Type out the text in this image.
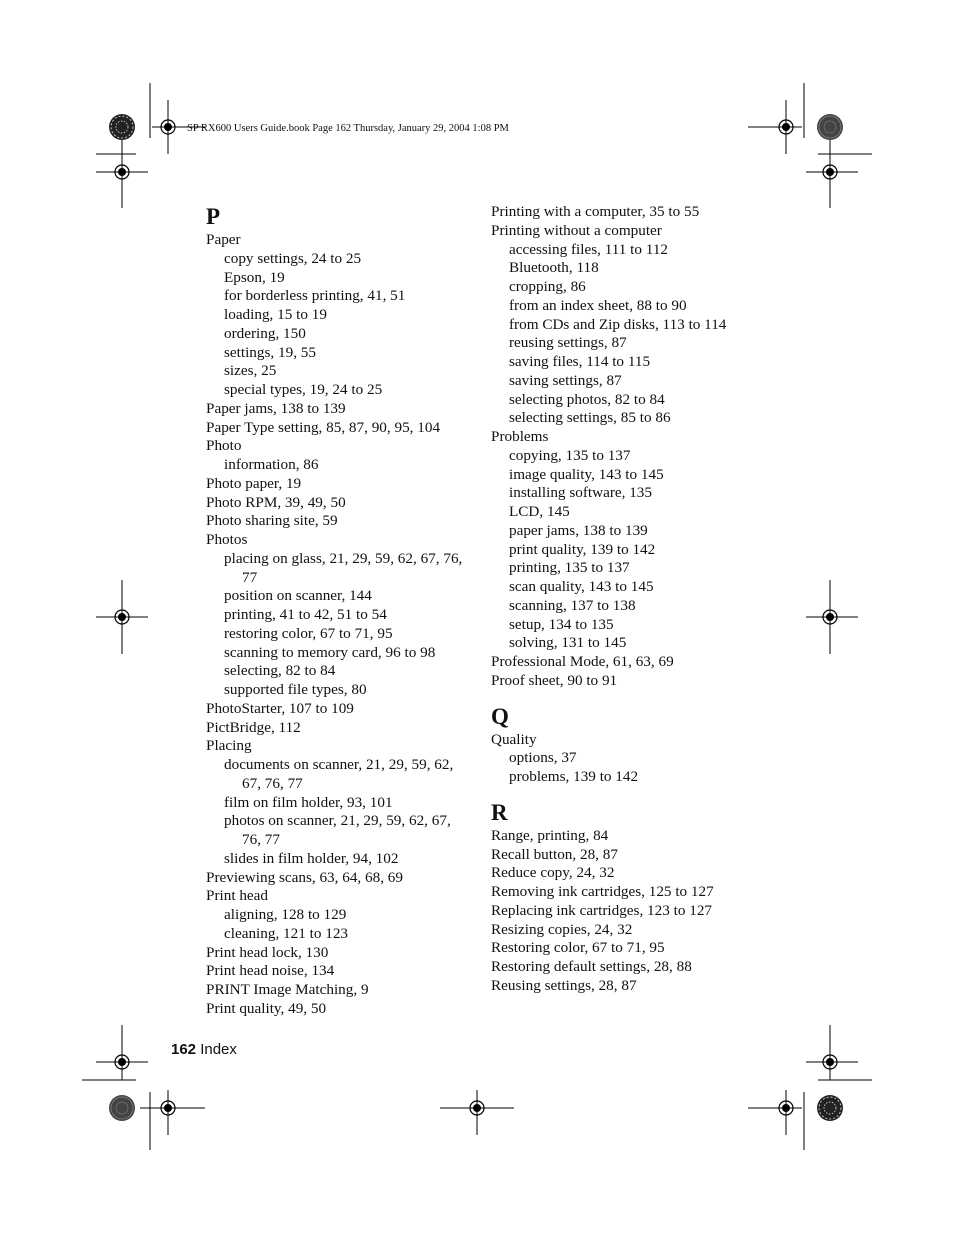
SP RX600 Users Guide.book Page 162 Thursday, January 29, 2004 1:08 PM
P
Paper
copy settings, 24 to 25
Epson, 19
for borderless printing, 41, 51
loading, 15 to 19
ordering, 150
settings, 19, 55
sizes, 25
special types, 19, 24 to 25
Paper jams, 138 to 139
Paper Type setting, 85, 87, 90, 95, 104
Photo
information, 86
Photo paper, 19
Photo RPM, 39, 49, 50
Photo sharing site, 59
Photos
placing on glass, 21, 29, 59, 62, 67, 76,
77
position on scanner, 144
printing, 41 to 42, 51 to 54
restoring color, 67 to 71, 95
scanning to memory card, 96 to 98
selecting, 82 to 84
supported file types, 80
PhotoStarter, 107 to 109
PictBridge, 112
Placing
documents on scanner, 21, 29, 59, 62,
67, 76, 77
film on film holder, 93, 101
photos on scanner, 21, 29, 59, 62, 67,
76, 77
slides in film holder, 94, 102
Previewing scans, 63, 64, 68, 69
Print head
aligning, 128 to 129
cleaning, 121 to 123
Print head lock, 130
Print head noise, 134
PRINT Image Matching, 9
Print quality, 49, 50
Printing with a computer, 35 to 55
Printing without a computer
accessing files, 111 to 112
Bluetooth, 118
cropping, 86
from an index sheet, 88 to 90
from CDs and Zip disks, 113 to 114
reusing settings, 87
saving files, 114 to 115
saving settings, 87
selecting photos, 82 to 84
selecting settings, 85 to 86
Problems
copying, 135 to 137
image quality, 143 to 145
installing software, 135
LCD, 145
paper jams, 138 to 139
print quality, 139 to 142
printing, 135 to 137
scan quality, 143 to 145
scanning, 137 to 138
setup, 134 to 135
solving, 131 to 145
Professional Mode, 61, 63, 69
Proof sheet, 90 to 91
Q
Quality
options, 37
problems, 139 to 142
R
Range, printing, 84
Recall button, 28, 87
Reduce copy, 24, 32
Removing ink cartridges, 125 to 127
Replacing ink cartridges, 123 to 127
Resizing copies, 24, 32
Restoring color, 67 to 71, 95
Restoring default settings, 28, 88
Reusing settings, 28, 87
162 Index
